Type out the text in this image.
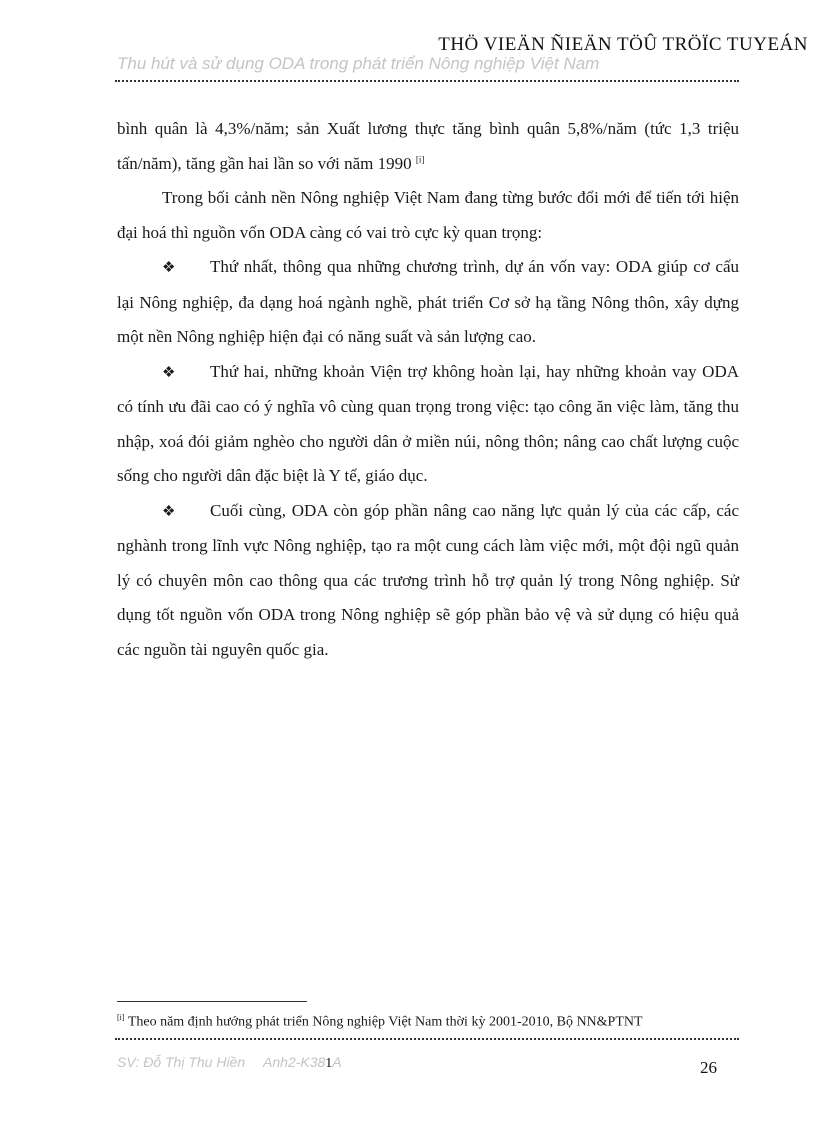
THÖ VIEÄN ÑIEÄN TÖÛ TRÖÏC TUYEÁN
Thu hút và sử dụng ODA trong phát triển Nông nghiệp Việt Nam

bình quân là 4,3%/năm; sản Xuất lương thực tăng bình quân 5,8%/năm (tức 1,3 triệu tấn/năm), tăng gần hai lần so với năm 1990 [i]

Trong bối cảnh nền Nông nghiệp Việt Nam đang từng bước đổi mới để tiến tới hiện đại hoá thì nguồn vốn ODA càng có vai trò cực kỳ quan trọng:

❖ Thứ nhất, thông qua những chương trình, dự án vốn vay: ODA giúp cơ cấu lại Nông nghiệp, đa dạng hoá ngành nghề, phát triển Cơ sở hạ tầng Nông thôn, xây dựng một nền Nông nghiệp hiện đại có năng suất và sản lượng cao.

❖ Thứ hai, những khoản Viện trợ không hoàn lại, hay những khoản vay ODA có tính ưu đãi cao có ý nghĩa vô cùng quan trọng trong việc: tạo công ăn việc làm, tăng thu nhập, xoá đói giảm nghèo cho người dân ở miền núi, nông thôn; nâng cao chất lượng cuộc sống cho người dân đặc biệt là Y tế, giáo dục.

❖ Cuối cùng, ODA còn góp phần nâng cao năng lực quản lý của các cấp, các nghành trong lĩnh vực Nông nghiệp, tạo ra một cung cách làm việc mới, một đội ngũ quản lý có chuyên môn cao thông qua các trương trình hỗ trợ quản lý trong Nông nghiệp. Sử dụng tốt nguồn vốn ODA trong Nông nghiệp sẽ góp phần bảo vệ và sử dụng có hiệu quả các nguồn tài nguyên quốc gia.

[i] Theo năm định hướng phát triển Nông nghiệp Việt Nam thời kỳ 2001-2010, Bộ NN&PTNT
SV: Đỗ Thị Thu Hiền Anh2-K381A	26
